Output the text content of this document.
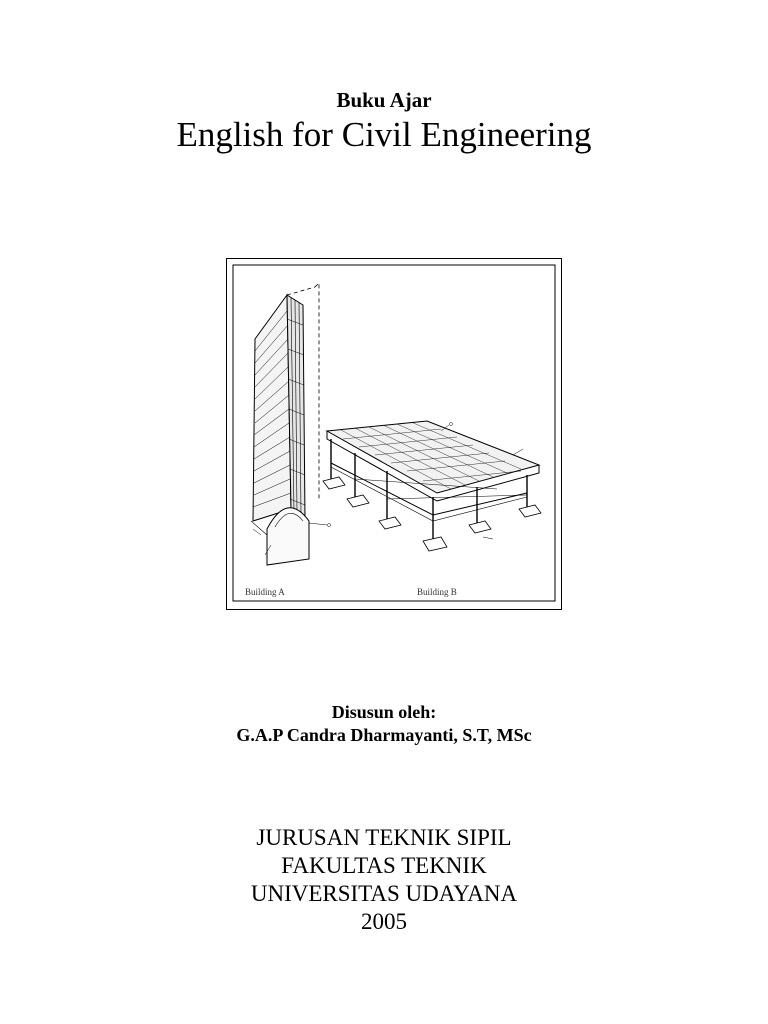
Buku Ajar

English for Civil Engineering
Building A	Building B

Disusun oleh:

G.A.P Candra Dharmayanti, S.T, MSc

JURUSAN TEKNIK SIPIL

FAKULTAS TEKNIK

UNIVERSITAS UDAYANA

2005
